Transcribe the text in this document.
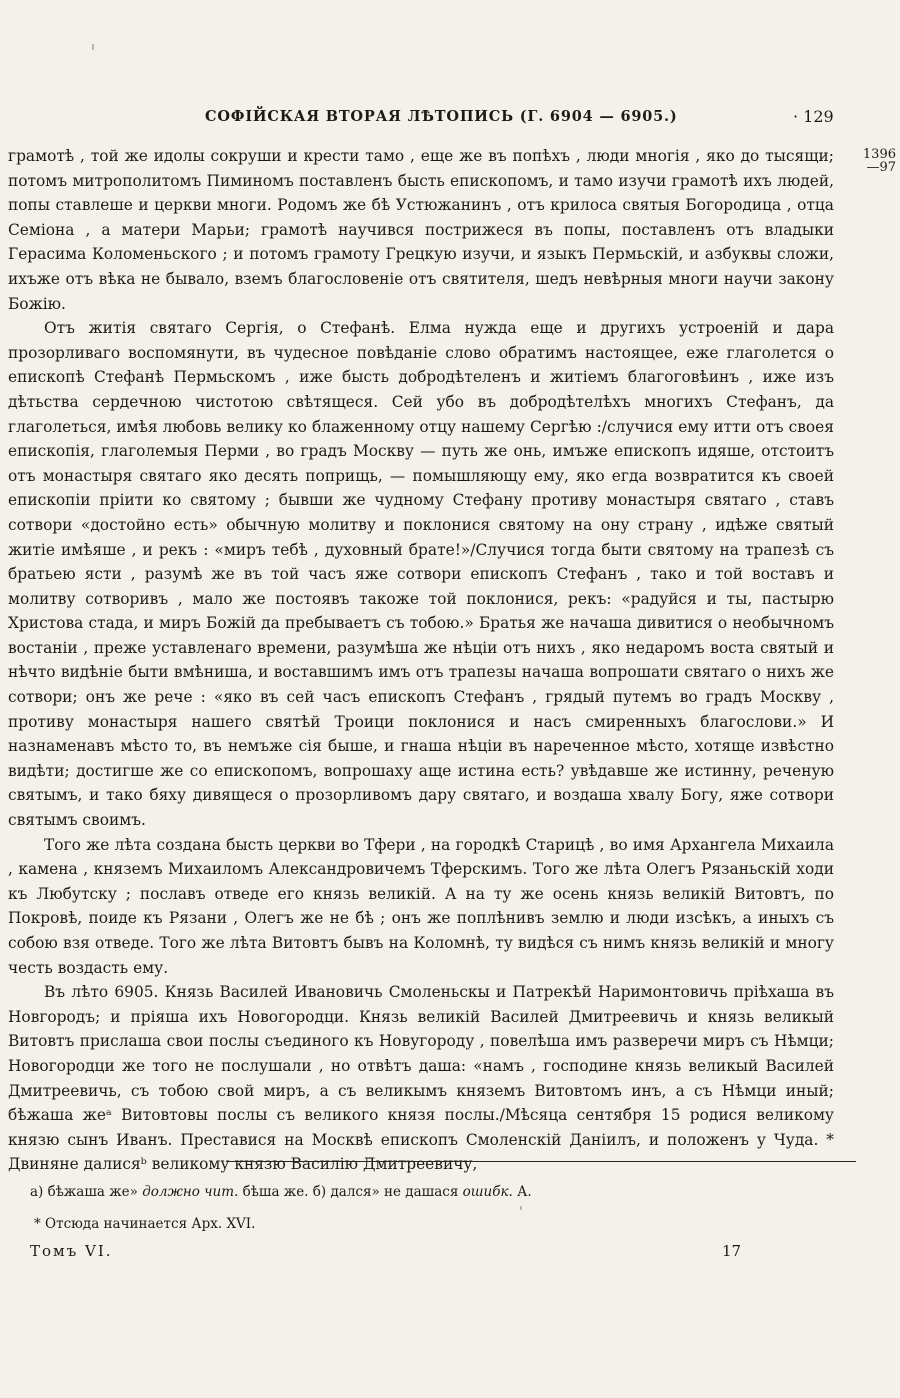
СОФІЙСКАЯ ВТОРАЯ ЛѢТОПИСЬ (Г. 6904 — 6905.)	· 129
1396
—97

грамотѣ , той же идолы сокруши и крести тамо , еще же въ попѣхъ , люди многія , яко до тысящи; потомъ митрополитомъ Пиминомъ поставленъ бысть епископомъ, и тамо изучи грамотѣ ихъ людей, попы ставлеше и церкви многи. Родомъ же бѣ Устюжанинъ , отъ крилоса святыя Богородица , отца Семіона , а матери Марьи; грамотѣ научився пострижеся въ попы, поставленъ отъ владыки Герасима Коломеньского ; и потомъ грамоту Грецкую изучи, и языкъ Пермьскій, и азбуквы сложи, ихъже отъ вѣка не бывало, вземъ благословеніе отъ святителя, шедъ невѣрныя многи научи закону Божію.

Отъ житія святаго Сергія, о Стефанѣ. Елма нужда еще и другихъ устроеній и дара прозорливаго воспомянути, въ чудесное повѣданіе слово обратимъ настоящее, еже глаголется о епископѣ Стефанѣ Пермьскомъ , иже бысть добродѣтеленъ и житіемъ благоговѣинъ , иже изъ дѣтьства сердечною чистотою свѣтящеся. Сей убо въ добродѣтелѣхъ многихъ Стефанъ, да глаголеться, имѣя любовь велику ко блаженному отцу нашему Сергѣю :/случися ему итти отъ своея епископія, глаголемыя Перми , во градъ Москву — путь же онь, имъже епископъ идяше, отстоитъ отъ монастыря святаго яко десять поприщь, — помышляющу ему, яко егда возвратится къ своей епископіи пріити ко святому ; бывши же чудному Стефану противу монастыря святаго , ставъ сотвори «достойно есть» обычную молитву и поклонися святому на ону страну , идѣже святый житіе имѣяше , и рекъ : «миръ тебѣ , духовный брате!»/Случися тогда быти святому на трапезѣ съ братьею ясти , разумѣ же въ той часъ яже сотвори епископъ Стефанъ , тако и той воставъ и молитву сотворивъ , мало же постоявъ такоже той поклонися, рекъ: «радуйся и ты, пастырю Христова стада, и миръ Божій да пребываетъ съ тобою.» Братья же начаша дивитися о необычномъ востаніи , преже уставленаго времени, разумѣша же нѣціи отъ нихъ , яко недаромъ воста святый и нѣчто видѣніе быти вмѣниша, и воставшимъ имъ отъ трапезы начаша вопрошати святаго о нихъ же сотвори; онъ же рече : «яко въ сей часъ епископъ Стефанъ , грядый путемъ во градъ Москву , противу монастыря нашего святѣй Троици поклонися и насъ смиренныхъ благослови.» И назнаменавъ мѣсто то, въ немъже сія быше, и гнаша нѣціи въ нареченное мѣсто, хотяще извѣстно видѣти; достигше же со епископомъ, вопрошаху аще истина есть? увѣдавше же истинну, реченую святымъ, и тако бяху дивящеся о прозорливомъ дару святаго, и воздаша хвалу Богу, яже сотвори святымъ своимъ.

Того же лѣта создана бысть церкви во Тфери , на городкѣ Старицѣ , во имя Архангела Михаила , камена , княземъ Михаиломъ Александровичемъ Тферскимъ. Того же лѣта Олегъ Рязаньскій ходи къ Любутску ; пославъ отведе его князь великій. А на ту же осень князь великій Витовтъ, по Покровѣ, поиде къ Рязани , Олегъ же не бѣ ; онъ же поплѣнивъ землю и люди изсѣкъ, а иныхъ съ собою взя отведе. Того же лѣта Витовтъ бывъ на Коломнѣ, ту видѣся съ нимъ князь великій и многу честь воздасть ему.

Въ лѣто 6905. Князь Василей Ивановичь Смоленьскы и Патрекѣй Наримонтовичь пріѣхаша въ Новгородъ; и пріяша ихъ Новогородци. Князь великій Василей Дмитреевичь и князь великый Витовтъ прислаша свои послы съединого къ Новугороду , повелѣша имъ разверечи миръ съ Нѣмци; Новогородци же того не послушали , но отвѣтъ даша: «намъ , господине князь великый Василей Дмитреевичь, съ тобою свой миръ, а съ великымъ княземъ Витовтомъ инъ, а съ Нѣмци иный; бѣжаша жеᵃ Витовтовы послы съ великого князя послы./Мѣсяца сентября 15 родися великому князю сынъ Иванъ. Преставися на Москвѣ епископъ Смоленскій Даніилъ, и положенъ у Чуда. * Двиняне далисяᵇ великому князю Василію Дмитреевичу,

а) бѣжаша же» должно чит. бѣша же. б) дался» не дашася ошибк. А.
* Отсюда начинается Арх. XVI.
Томъ VI.	17
